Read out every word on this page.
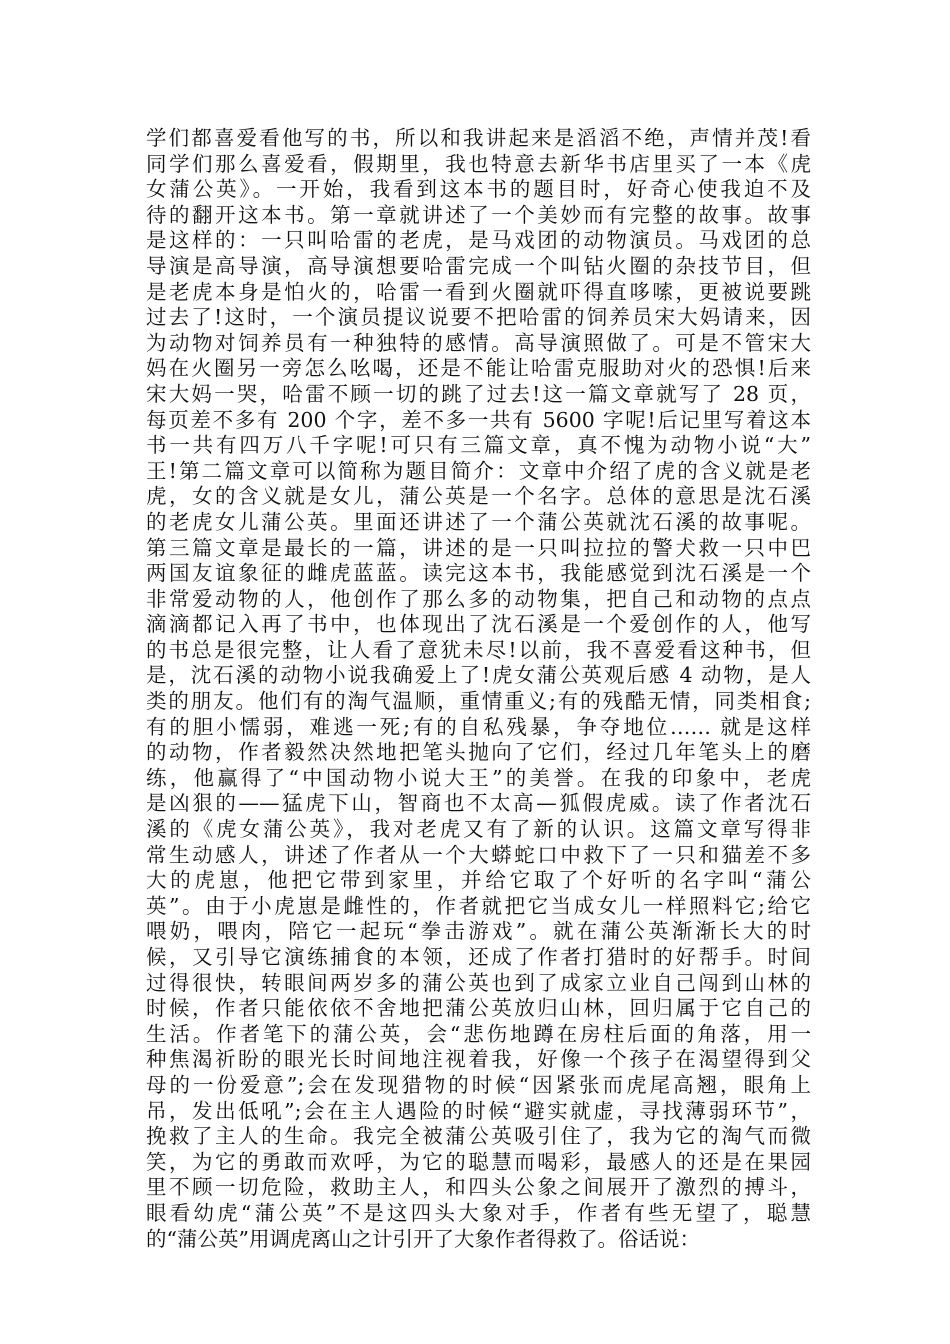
学们都喜爱看他写的书，所以和我讲起来是滔滔不绝，声情并茂!看
同学们那么喜爱看，假期里，我也特意去新华书店里买了一本《虎
女蒲公英》。一开始，我看到这本书的题目时，好奇心使我迫不及
待的翻开这本书。第一章就讲述了一个美妙而有完整的故事。故事
是这样的：一只叫哈雷的老虎，是马戏团的动物演员。马戏团的总
导演是高导演，高导演想要哈雷完成一个叫钻火圈的杂技节目，但
是老虎本身是怕火的，哈雷一看到火圈就吓得直哆嗦，更被说要跳
过去了!这时，一个演员提议说要不把哈雷的饲养员宋大妈请来，因
为动物对饲养员有一种独特的感情。高导演照做了。可是不管宋大
妈在火圈另一旁怎么吆喝，还是不能让哈雷克服助对火的恐惧!后来
宋大妈一哭，哈雷不顾一切的跳了过去!这一篇文章就写了 28 页，
每页差不多有 200 个字，差不多一共有 5600 字呢!后记里写着这本
书一共有四万八千字呢!可只有三篇文章，真不愧为动物小说“大”
王!第二篇文章可以简称为题目简介：文章中介绍了虎的含义就是老
虎，女的含义就是女儿，蒲公英是一个名字。总体的意思是沈石溪
的老虎女儿蒲公英。里面还讲述了一个蒲公英就沈石溪的故事呢。
第三篇文章是最长的一篇，讲述的是一只叫拉拉的警犬救一只中巴
两国友谊象征的雌虎蓝蓝。读完这本书，我能感觉到沈石溪是一个
非常爱动物的人，他创作了那么多的动物集，把自己和动物的点点
滴滴都记入再了书中，也体现出了沈石溪是一个爱创作的人，他写
的书总是很完整，让人看了意犹未尽!以前，我不喜爱看这种书，但
是，沈石溪的动物小说我确爱上了!虎女蒲公英观后感 4 动物，是人
类的朋友。他们有的淘气温顺，重情重义;有的残酷无情，同类相食;
有的胆小懦弱，难逃一死;有的自私残暴，争夺地位…… 就是这样
的动物，作者毅然决然地把笔头抛向了它们，经过几年笔头上的磨
练，他赢得了“中国动物小说大王”的美誉。在我的印象中，老虎
是凶狠的——猛虎下山，智商也不太高—狐假虎威。读了作者沈石
溪的《虎女蒲公英》，我对老虎又有了新的认识。这篇文章写得非
常生动感人，讲述了作者从一个大蟒蛇口中救下了一只和猫差不多
大的虎崽，他把它带到家里，并给它取了个好听的名字叫“蒲公
英”。由于小虎崽是雌性的，作者就把它当成女儿一样照料它;给它
喂奶，喂肉，陪它一起玩“拳击游戏”。就在蒲公英渐渐长大的时
候，又引导它演练捕食的本领，还成了作者打猎时的好帮手。时间
过得很快，转眼间两岁多的蒲公英也到了成家立业自己闯到山林的
时候，作者只能依依不舍地把蒲公英放归山林，回归属于它自己的
生活。作者笔下的蒲公英，会“悲伤地蹲在房柱后面的角落，用一
种焦渴祈盼的眼光长时间地注视着我，好像一个孩子在渴望得到父
母的一份爱意”;会在发现猎物的时候“因紧张而虎尾高翘，眼角上
吊，发出低吼”;会在主人遇险的时候“避实就虚，寻找薄弱环节”，
挽救了主人的生命。我完全被蒲公英吸引住了，我为它的淘气而微
笑，为它的勇敢而欢呼，为它的聪慧而喝彩，最感人的还是在果园
里不顾一切危险，救助主人，和四头公象之间展开了激烈的搏斗，
眼看幼虎“蒲公英”不是这四头大象对手，作者有些无望了，聪慧
的“蒲公英”用调虎离山之计引开了大象作者得救了。俗话说：
